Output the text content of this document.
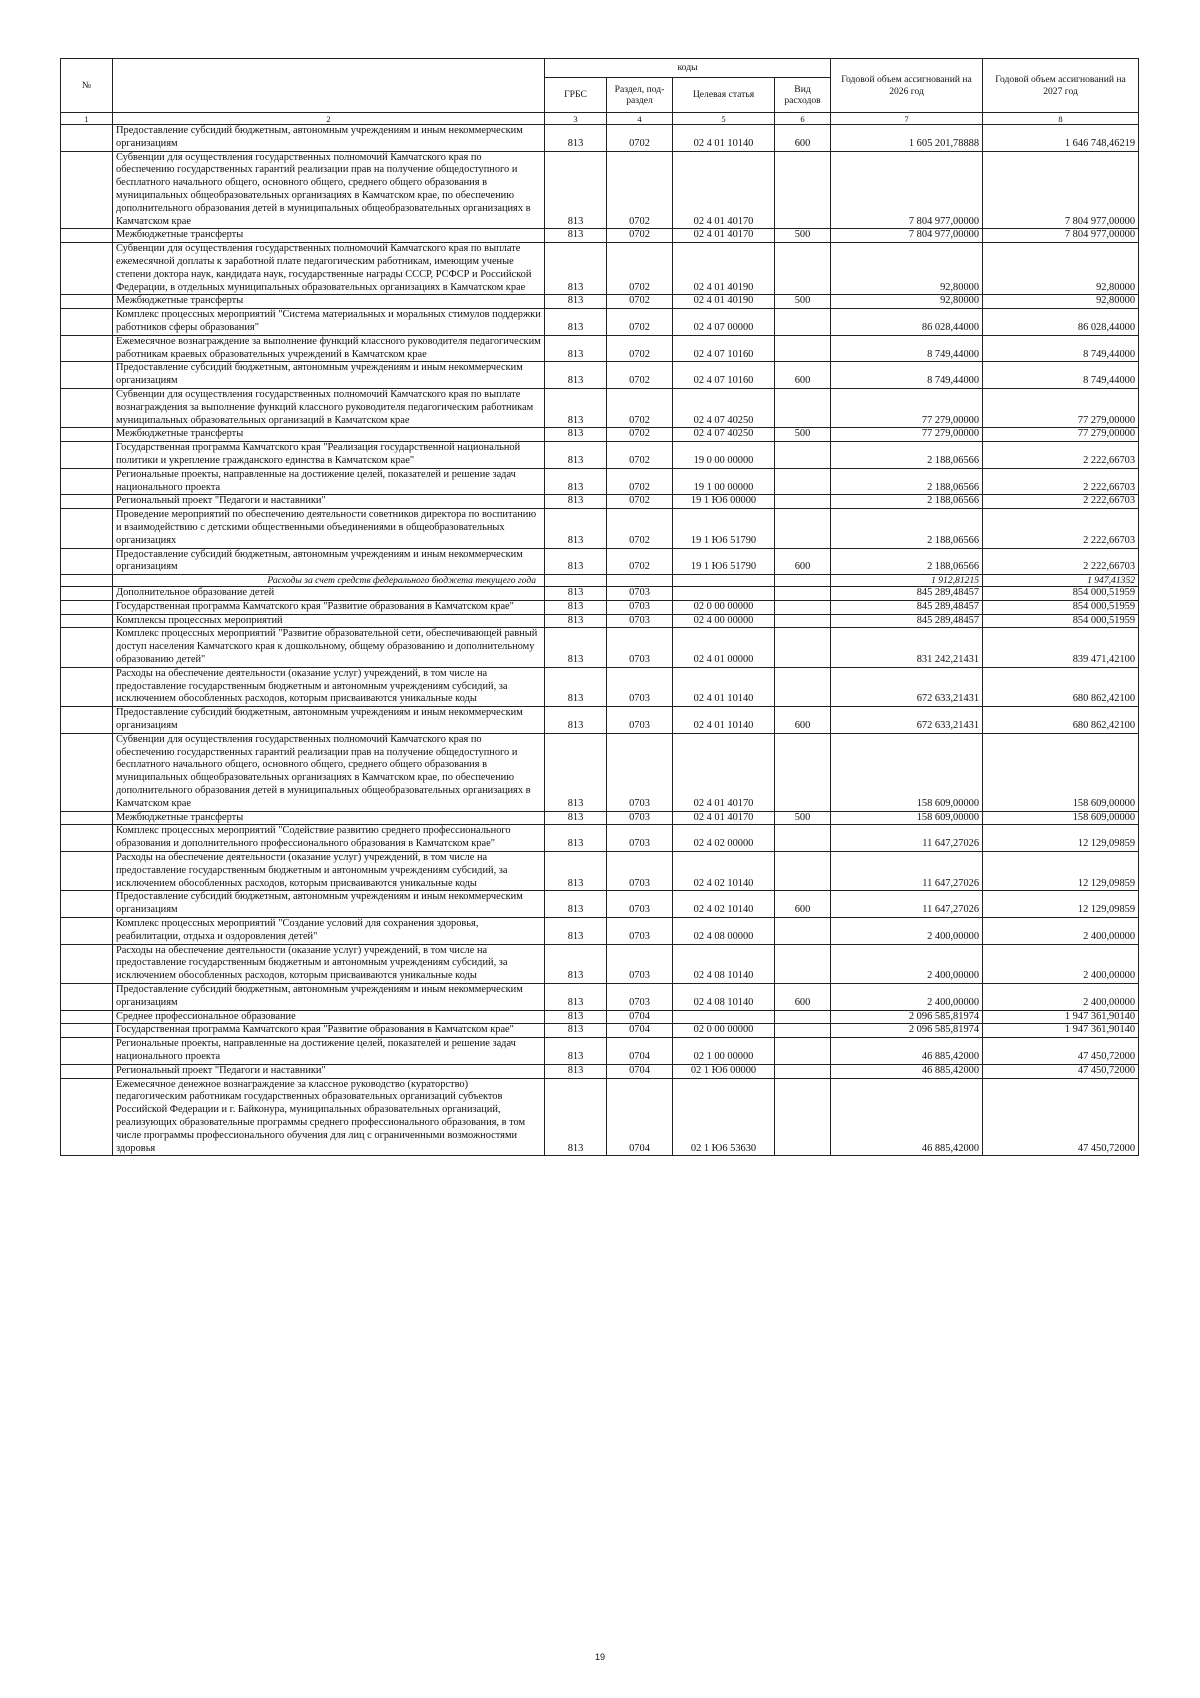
№		коды				Годовой объем ассигнований на 2026 год	Годовой объем ассигнований на 2027 год
		ГРБС	Раздел, под-раздел	Целевая статья	Вид расходов		
1	2	3	4	5	6	7	8
	Предоставление субсидий бюджетным, автономным учреждениям и иным некоммерческим организациям	813	0702	02 4 01 10140	600	1 605 201,78888	1 646 748,46219
	Субвенции для осуществления государственных полномочий Камчатского края по обеспечению государственных гарантий реализации прав на получение общедоступного и бесплатного начального общего, основного общего, среднего общего образования в муниципальных общеобразовательных организациях в Камчатском крае, по обеспечению дополнительного образования детей в муниципальных общеобразовательных организациях в Камчатском крае	813	0702	02 4 01 40170		7 804 977,00000	7 804 977,00000
	Межбюджетные трансферты	813	0702	02 4 01 40170	500	7 804 977,00000	7 804 977,00000
	Субвенции для осуществления государственных полномочий Камчатского края по выплате ежемесячной доплаты к заработной плате педагогическим работникам, имеющим ученые степени доктора наук, кандидата наук, государственные награды СССР, РСФСР и Российской Федерации, в отдельных муниципальных образовательных организациях в Камчатском крае	813	0702	02 4 01 40190		92,80000	92,80000
	Межбюджетные трансферты	813	0702	02 4 01 40190	500	92,80000	92,80000
	Комплекс процессных мероприятий "Система материальных и моральных стимулов поддержки работников сферы образования"	813	0702	02 4 07 00000		86 028,44000	86 028,44000
	Ежемесячное вознаграждение за выполнение функций классного руководителя педагогическим работникам краевых образовательных учреждений в Камчатском крае	813	0702	02 4 07 10160		8 749,44000	8 749,44000
	Предоставление субсидий бюджетным, автономным учреждениям и иным некоммерческим организациям	813	0702	02 4 07 10160	600	8 749,44000	8 749,44000
	Субвенции для осуществления государственных полномочий Камчатского края по выплате вознаграждения за выполнение функций классного руководителя педагогическим работникам муниципальных образовательных организаций в Камчатском крае	813	0702	02 4 07 40250		77 279,00000	77 279,00000
	Межбюджетные трансферты	813	0702	02 4 07 40250	500	77 279,00000	77 279,00000
	Государственная программа Камчатского края "Реализация государственной национальной политики и укрепление гражданского единства в Камчатском крае"	813	0702	19 0 00 00000		2 188,06566	2 222,66703
	Региональные проекты, направленные на достижение целей, показателей и решение задач национального проекта	813	0702	19 1 00 00000		2 188,06566	2 222,66703
	Региональный проект "Педагоги и наставники"	813	0702	19 1 Ю6 00000		2 188,06566	2 222,66703
	Проведение мероприятий по обеспечению деятельности советников директора по воспитанию и взаимодействию с детскими общественными объединениями в общеобразовательных организациях	813	0702	19 1 Ю6 51790		2 188,06566	2 222,66703
	Предоставление субсидий бюджетным, автономным учреждениям и иным некоммерческим организациям	813	0702	19 1 Ю6 51790	600	2 188,06566	2 222,66703
	Расходы за счет средств федерального бюджета текущего года					1 912,81215	1 947,41352
	Дополнительное образование детей	813	0703			845 289,48457	854 000,51959
	Государственная программа Камчатского края "Развитие образования в Камчатском крае"	813	0703	02 0 00 00000		845 289,48457	854 000,51959
	Комплексы процессных мероприятий	813	0703	02 4 00 00000		845 289,48457	854 000,51959
	Комплекс процессных мероприятий "Развитие образовательной сети, обеспечивающей равный доступ населения Камчатского края к дошкольному, общему образованию и дополнительному образованию детей"	813	0703	02 4 01 00000		831 242,21431	839 471,42100
	Расходы на обеспечение деятельности (оказание услуг) учреждений, в том числе на предоставление государственным бюджетным и автономным учреждениям субсидий, за исключением обособленных расходов, которым присваиваются уникальные коды	813	0703	02 4 01 10140		672 633,21431	680 862,42100
	Предоставление субсидий бюджетным, автономным учреждениям и иным некоммерческим организациям	813	0703	02 4 01 10140	600	672 633,21431	680 862,42100
	Субвенции для осуществления государственных полномочий Камчатского края по обеспечению государственных гарантий реализации прав на получение общедоступного и бесплатного начального общего, основного общего, среднего общего образования в муниципальных общеобразовательных организациях в Камчатском крае, по обеспечению дополнительного образования детей в муниципальных общеобразовательных организациях в Камчатском крае	813	0703	02 4 01 40170		158 609,00000	158 609,00000
	Межбюджетные трансферты	813	0703	02 4 01 40170	500	158 609,00000	158 609,00000
	Комплекс процессных мероприятий "Содействие развитию среднего профессионального образования и дополнительного профессионального образования в Камчатском крае"	813	0703	02 4 02 00000		11 647,27026	12 129,09859
	Расходы на обеспечение деятельности (оказание услуг) учреждений, в том числе на предоставление государственным бюджетным и автономным учреждениям субсидий, за исключением обособленных расходов, которым присваиваются уникальные коды	813	0703	02 4 02 10140		11 647,27026	12 129,09859
	Предоставление субсидий бюджетным, автономным учреждениям и иным некоммерческим организациям	813	0703	02 4 02 10140	600	11 647,27026	12 129,09859
	Комплекс процессных мероприятий "Создание условий для сохранения здоровья, реабилитации, отдыха и оздоровления детей"	813	0703	02 4 08 00000		2 400,00000	2 400,00000
	Расходы на обеспечение деятельности (оказание услуг) учреждений, в том числе на предоставление государственным бюджетным и автономным учреждениям субсидий, за исключением обособленных расходов, которым присваиваются уникальные коды	813	0703	02 4 08 10140		2 400,00000	2 400,00000
	Предоставление субсидий бюджетным, автономным учреждениям и иным некоммерческим организациям	813	0703	02 4 08 10140	600	2 400,00000	2 400,00000
	Среднее профессиональное образование	813	0704			2 096 585,81974	1 947 361,90140
	Государственная программа Камчатского края "Развитие образования в Камчатском крае"	813	0704	02 0 00 00000		2 096 585,81974	1 947 361,90140
	Региональные проекты, направленные на достижение целей, показателей и решение задач национального проекта	813	0704	02 1 00 00000		46 885,42000	47 450,72000
	Региональный проект "Педагоги и наставники"	813	0704	02 1 Ю6 00000		46 885,42000	47 450,72000
	Ежемесячное денежное вознаграждение за классное руководство (кураторство) педагогическим работникам государственных образовательных организаций субъектов Российской Федерации и г. Байконура, муниципальных образовательных организаций, реализующих образовательные программы среднего профессионального образования, в том числе программы профессионального обучения для лиц с ограниченными возможностями здоровья	813	0704	02 1 Ю6 53630		46 885,42000	47 450,72000
19
